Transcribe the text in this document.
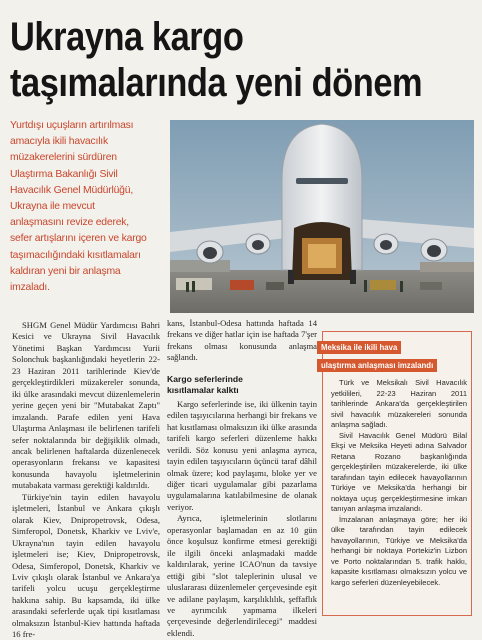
Ukrayna kargo
taşımalarında yeni dönem
Yurtdışı uçuşların artırılması
amacıyla ikili havacılık
müzakerelerini sürdüren
Ulaştırma Bakanlığı Sivil
Havacılık Genel Müdürlüğü,
Ukrayna ile mevcut
anlaşmasını revize ederek,
sefer artışlarını içeren ve kargo
taşımacılığındaki kısıtlamaları
kaldıran yeni bir anlaşma
imzaladı.

SHGM Genel Müdür Yardımcısı Bahri Kesici ve Ukrayna Sivil Havacılık Yönetimi Başkan Yardımcısı Yurii Solonchuk başkanlığındaki heyetlerin 22-23 Haziran 2011 tarihlerinde Kiev'de gerçekleştirdikleri müzakereler sonunda, iki ülke arasındaki mevcut düzenlemelerin yerine geçen yeni bir "Mutabakat Zaptı" imzalandı. Parafe edilen yeni Hava Ulaştırma Anlaşması ile belirlenen tarifeli sefer noktalarında bir değişiklik olmadı, ancak belirlenen haftalarda düzenlenecek operasyonların frekansı ve kapasitesi konusunda havayolu işletmelerinin mutabakata varması gerektiği kaldırıldı.

Türkiye'nin tayin edilen havayolu işletmeleri, İstanbul ve Ankara çıkışlı olarak Kiev, Dnipropetrovsk, Odesa, Simferopol, Donetsk, Kharkiv ve Lviv'e, Ukrayna'nın tayin edilen havayolu işletmeleri ise; Kiev, Dnipropetrovsk, Odesa, Simferopol, Donetsk, Kharkiv ve Lviv çıkışlı olarak İstanbul ve Ankara'ya tarifeli yolcu ucuşu gerçekleştirme hakkına sahip. Bu kapsamda, iki ülke arasındaki seferlerde uçak tipi kısıtlaması olmaksızın İstanbul-Kiev hattında haftada 16 fre-

kans, İstanbul-Odesa hattında haftada 14 frekans ve diğer hatlar için ise haftada 7'şer frekans olması konusunda anlaşma sağlandı.
Kargo seferlerinde
kısıtlamalar kalktı

Kargo seferlerinde ise, iki ülkenin tayin edilen taşıyıcılarına herhangi bir frekans ve hat kısıtlaması olmaksızın iki ülke arasında tarifeli kargo seferleri düzenleme hakkı verildi. Söz konusu yeni anlaşma ayrıca, tayin edilen taşıyıcıların üçüncü taraf dâhil olmak üzere; kod paylaşımı, bloke yer ve diğer ticari uygulamalar gibi pazarlama uygulamalarına katılabilmesine de olanak veriyor.

Ayrıca, işletmelerinin slotlarını operasyonlar başlamadan en az 10 gün önce koşulsuz konfirme etmesi gerektiği ile ilgili önceki anlaşmadaki madde kaldırılarak, yerine ICAO'nun da tavsiye ettiği gibi "slot taleplerinin ulusal ve uluslararası düzenlemeler çerçevesinde eşit ve adilane paylaşım, karşılıklılık, şeffaflık ve ayrımcılık yapmama ilkeleri çerçevesinde değerlendirilecegi" maddesi eklendi.

Meksika ile ikili hava
ulaştırma anlaşması imzalandı

Türk ve Meksikalı Sivil Havacılık yetkilileri, 22-23 Haziran 2011 tarihlerinde Ankara'da gerçekleştirilen sivil havacılık müzakereleri sonunda anlaşma sağladı.

Sivil Havacılık Genel Müdürü Bilal Ekşi ve Meksika Heyeti adına Salvador Retana Rozano başkanlığında gerçekleştirilen müzakerelerde, iki ülke tarafından tayin edilecek havayollarının Türkiye ve Meksika'da herhangi bir noktaya uçuş gerçekleştirmesine imkan tanıyan anlaşma imzalandı.

İmzalanan anlaşmaya göre; her iki ülke tarafından tayin edilecek havayollarının, Türkiye ve Meksika'da herhangi bir noktaya Portekiz'in Lizbon ve Porto noktalarından 5. trafik hakkı, kapasite kısıtlaması olmaksızın yolcu ve kargo seferleri düzenleyebilecek.
